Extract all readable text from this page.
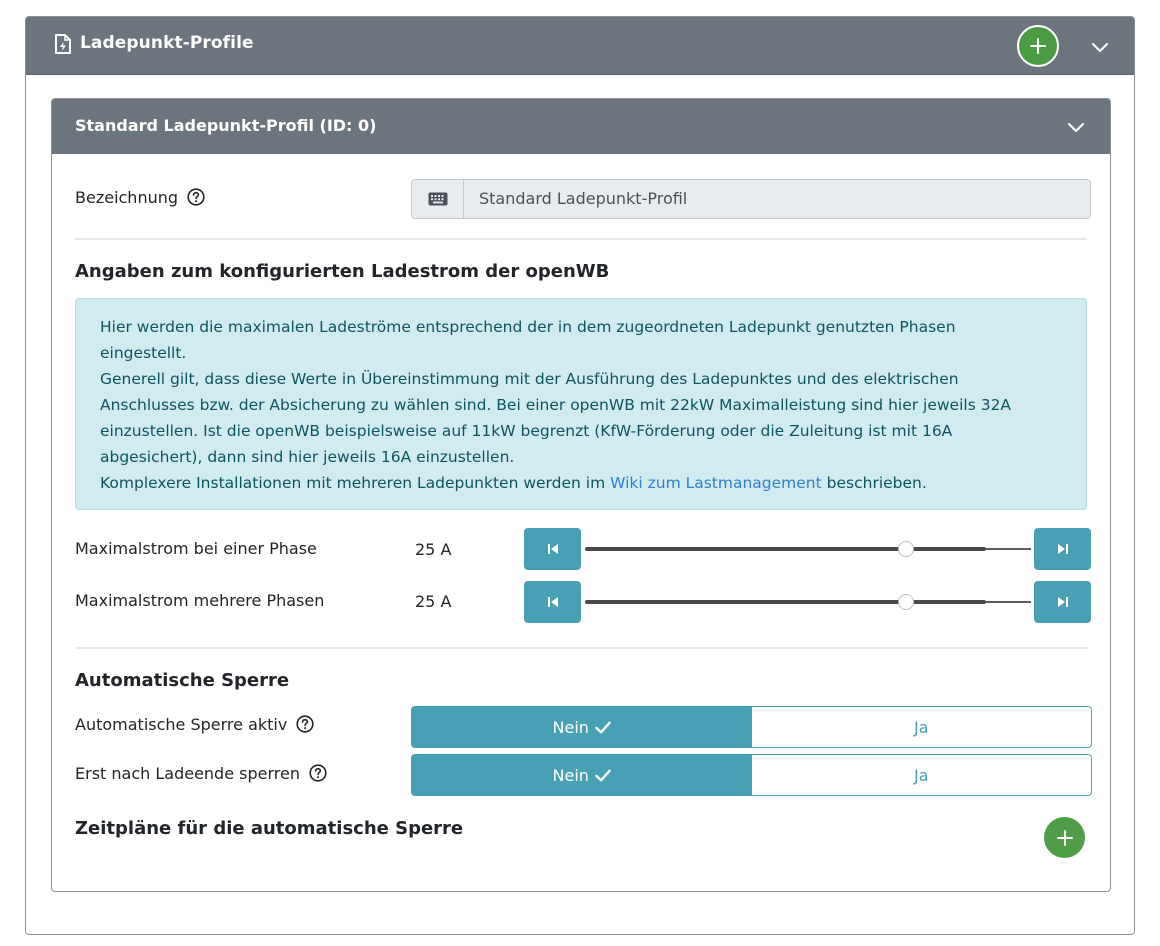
Ladepunkt-Profile
Standard Ladepunkt-Profil (ID: 0)
Bezeichnung	Standard Ladepunkt-Profil
Angaben zum konfigurierten Ladestrom der openWB

Hier werden die maximalen Ladeströme entsprechend der in dem zugeordneten Ladepunkt genutzten Phasen

eingestellt.

Generell gilt, dass diese Werte in Übereinstimmung mit der Ausführung des Ladepunktes und des elektrischen

Anschlusses bzw. der Absicherung zu wählen sind. Bei einer openWB mit 22kW Maximalleistung sind hier jeweils 32A

einzustellen. Ist die openWB beispielsweise auf 11kW begrenzt (KfW-Förderung oder die Zuleitung ist mit 16A

abgesichert), dann sind hier jeweils 16A einzustellen.

Komplexere Installationen mit mehreren Ladepunkten werden im Wiki zum Lastmanagement beschrieben.

Maximalstrom bei einer Phase	25 A
Maximalstrom mehrere Phasen	25 A
Automatische Sperre
Automatische Sperre aktiv	Nein	Ja
Erst nach Ladeende sperren	Nein	Ja
Zeitpläne für die automatische Sperre
